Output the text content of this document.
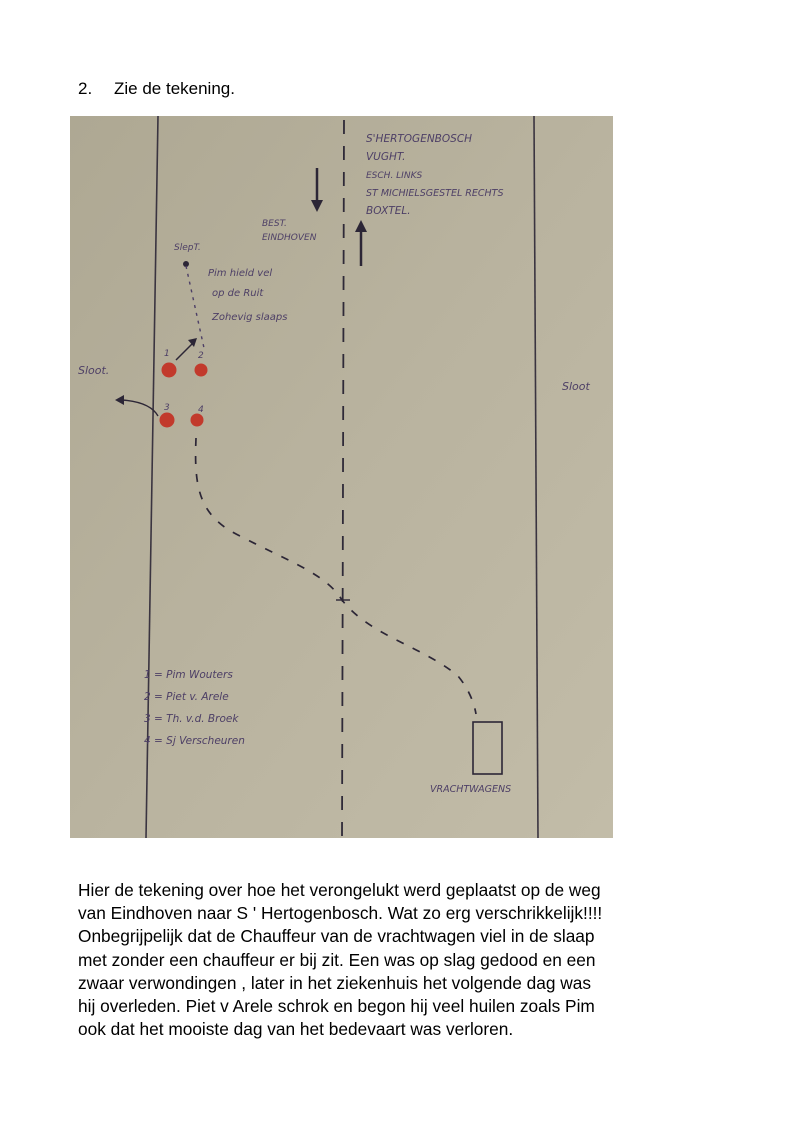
2. Zie de tekening.
S'HERTOGENBOSCH
VUGHT.
ESCH. LINKS
ST MICHIELSGESTEL RECHTS
BOXTEL.
BEST.
EINDHOVEN
SlepT.
Pim hield vel
op de Ruit
Zohevig slaaps
Sloot.
Sloot
1	2
3	4
VRACHTWAGENS
1 = Pim Wouters
2 = Piet v. Arele
3 = Th. v.d. Broek
4 = Sj Verscheuren
Hier de tekening over hoe het verongelukt werd geplaatst op de weg
van Eindhoven naar S ' Hertogenbosch. Wat zo erg verschrikkelijk!!!!
Onbegrijpelijk dat de Chauffeur van de vrachtwagen viel in de slaap
met zonder een chauffeur er bij zit. Een was op slag gedood en een
zwaar verwondingen , later in het ziekenhuis het volgende dag was
hij overleden. Piet v Arele schrok en begon hij veel huilen zoals Pim
ook dat het mooiste dag van het bedevaart was verloren.
